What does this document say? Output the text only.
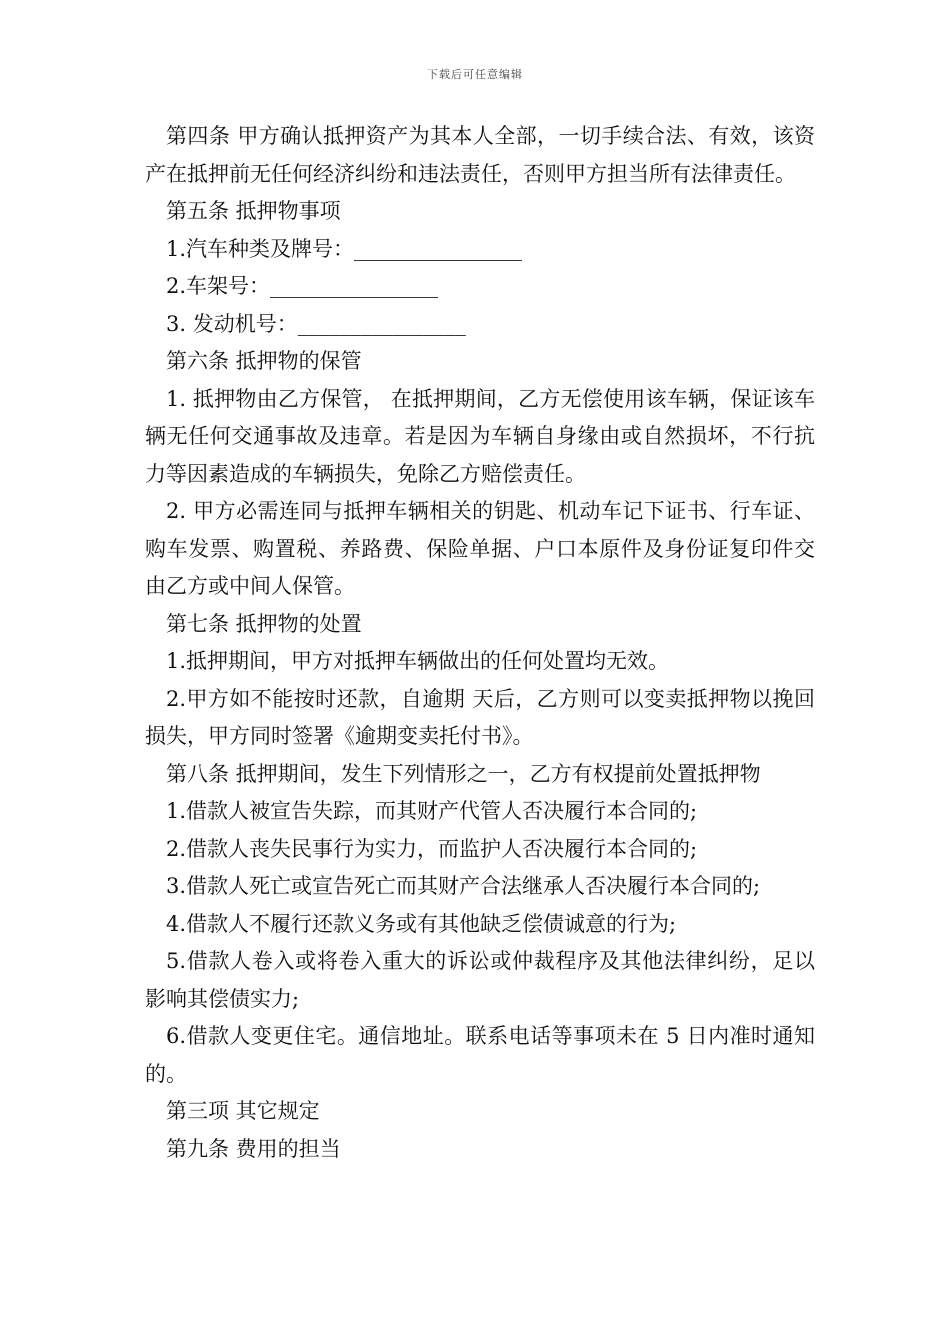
下载后可任意编辑

第四条 甲方确认抵押资产为其本人全部，一切手续合法、有效，该资产在抵押前无任何经济纠纷和违法责任，否则甲方担当所有法律责任。

第五条 抵押物事项

1.汽车种类及牌号：________________

2.车架号：________________

3. 发动机号：________________

第六条 抵押物的保管

1. 抵押物由乙方保管， 在抵押期间，乙方无偿使用该车辆，保证该车辆无任何交通事故及违章。若是因为车辆自身缘由或自然损坏，不行抗力等因素造成的车辆损失，免除乙方赔偿责任。

2. 甲方必需连同与抵押车辆相关的钥匙、机动车记下证书、行车证、购车发票、购置税、养路费、保险单据、户口本原件及身份证复印件交由乙方或中间人保管。

第七条 抵押物的处置

1.抵押期间，甲方对抵押车辆做出的任何处置均无效。

2.甲方如不能按时还款，自逾期 天后，乙方则可以变卖抵押物以挽回损失，甲方同时签署《逾期变卖托付书》。

第八条 抵押期间，发生下列情形之一，乙方有权提前处置抵押物

1.借款人被宣告失踪，而其财产代管人否决履行本合同的;

2.借款人丧失民事行为实力，而监护人否决履行本合同的;

3.借款人死亡或宣告死亡而其财产合法继承人否决履行本合同的;

4.借款人不履行还款义务或有其他缺乏偿债诚意的行为;

5.借款人卷入或将卷入重大的诉讼或仲裁程序及其他法律纠纷，足以影响其偿债实力;

6.借款人变更住宅。通信地址。联系电话等事项未在 5 日内准时通知的。

第三项 其它规定

第九条 费用的担当
